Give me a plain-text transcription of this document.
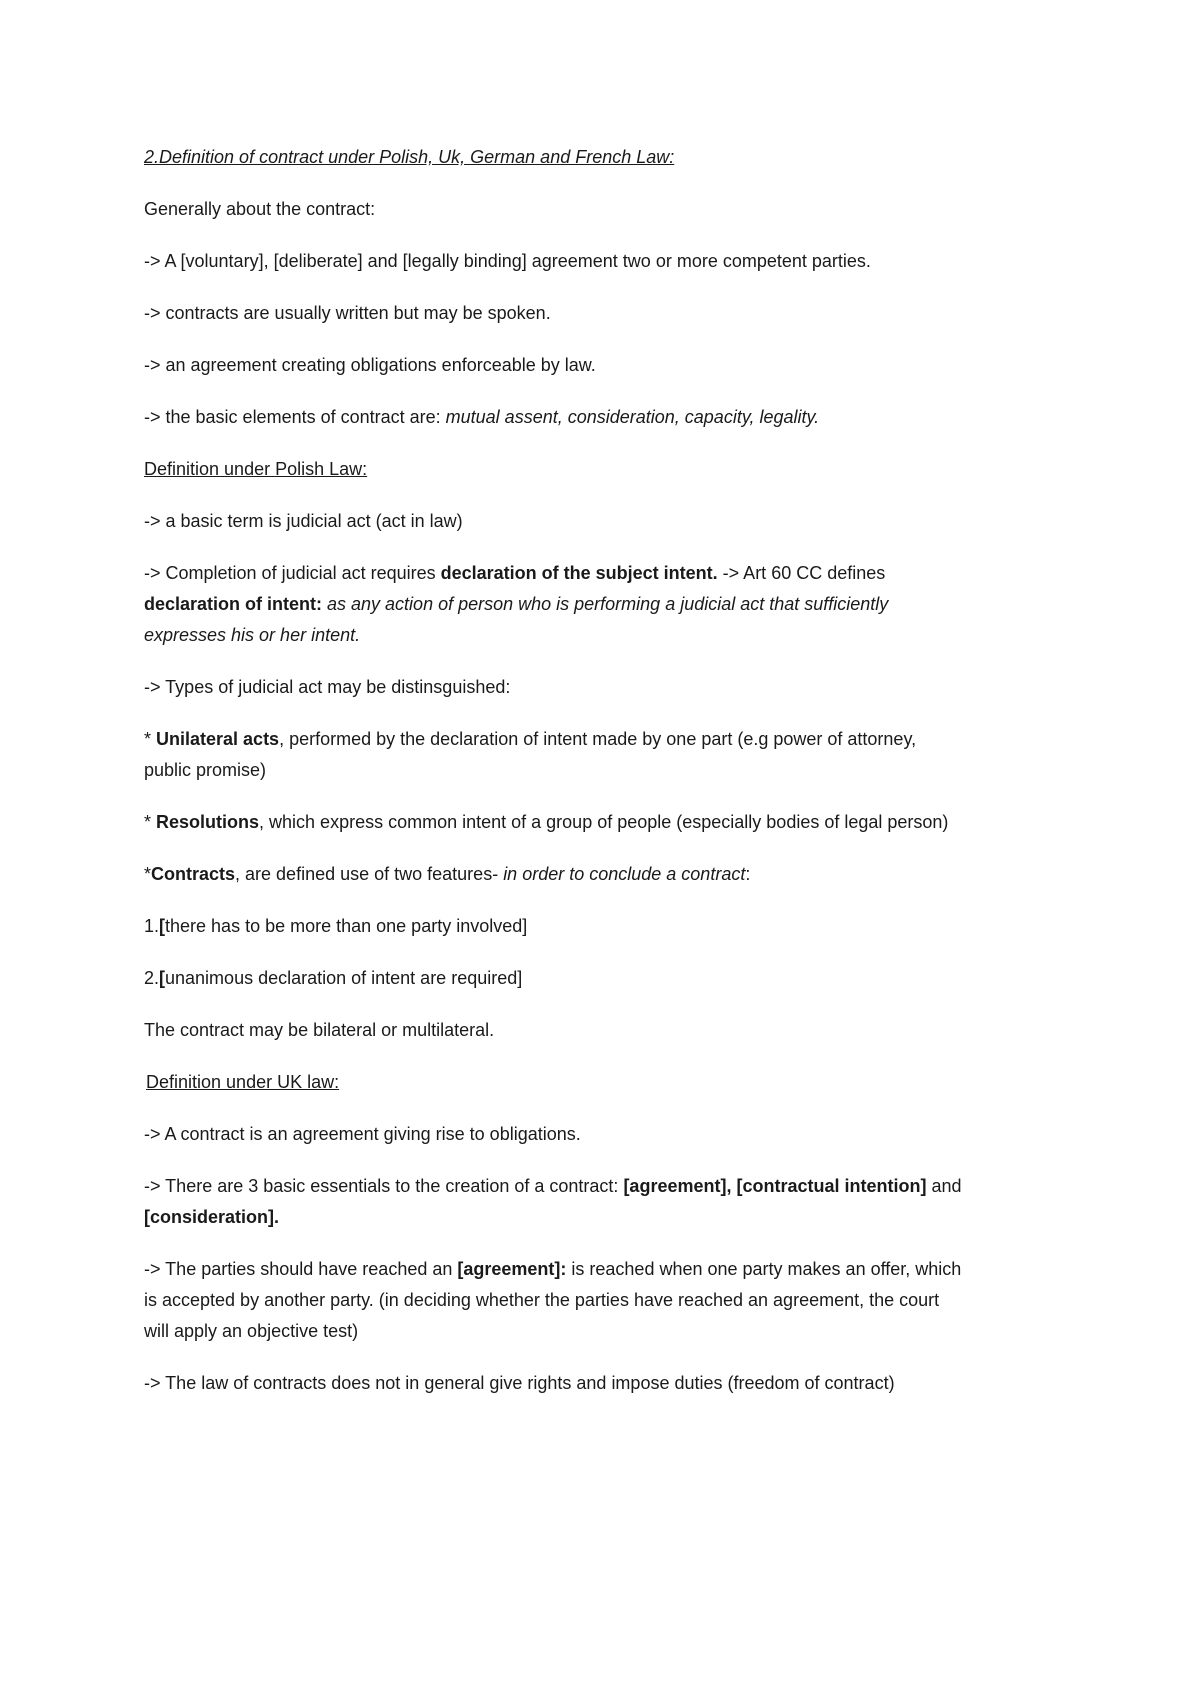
2.Definition of contract under Polish, Uk, German and French Law:
Generally about the contract:
-> A [voluntary], [deliberate] and [legally binding] agreement two or more competent parties.
-> contracts are usually written but may be spoken.
-> an agreement creating obligations enforceable by law.
-> the basic elements of contract are: mutual assent, consideration, capacity, legality.
Definition under Polish Law:
-> a basic term is judicial act (act in law)
-> Completion of judicial act requires declaration of the subject intent. -> Art 60 CC defines
declaration of intent: as any action of person who is performing a judicial act that sufficiently
expresses his or her intent.
-> Types of judicial act may be distinsguished:
* Unilateral acts, performed by the declaration of intent made by one part (e.g power of attorney,
public promise)
* Resolutions, which express common intent of a group of people (especially bodies of legal person)
*Contracts, are defined use of two features- in order to conclude a contract:
1.[there has to be more than one party involved]
2.[unanimous declaration of intent are required]
The contract may be bilateral or multilateral.
Definition under UK law:
-> A contract is an agreement giving rise to obligations.
-> There are 3 basic essentials to the creation of a contract: [agreement], [contractual intention] and
[consideration].
-> The parties should have reached an [agreement]: is reached when one party makes an offer, which
is accepted by another party. (in deciding whether the parties have reached an agreement, the court
will apply an objective test)
-> The law of contracts does not in general give rights and impose duties (freedom of contract)
